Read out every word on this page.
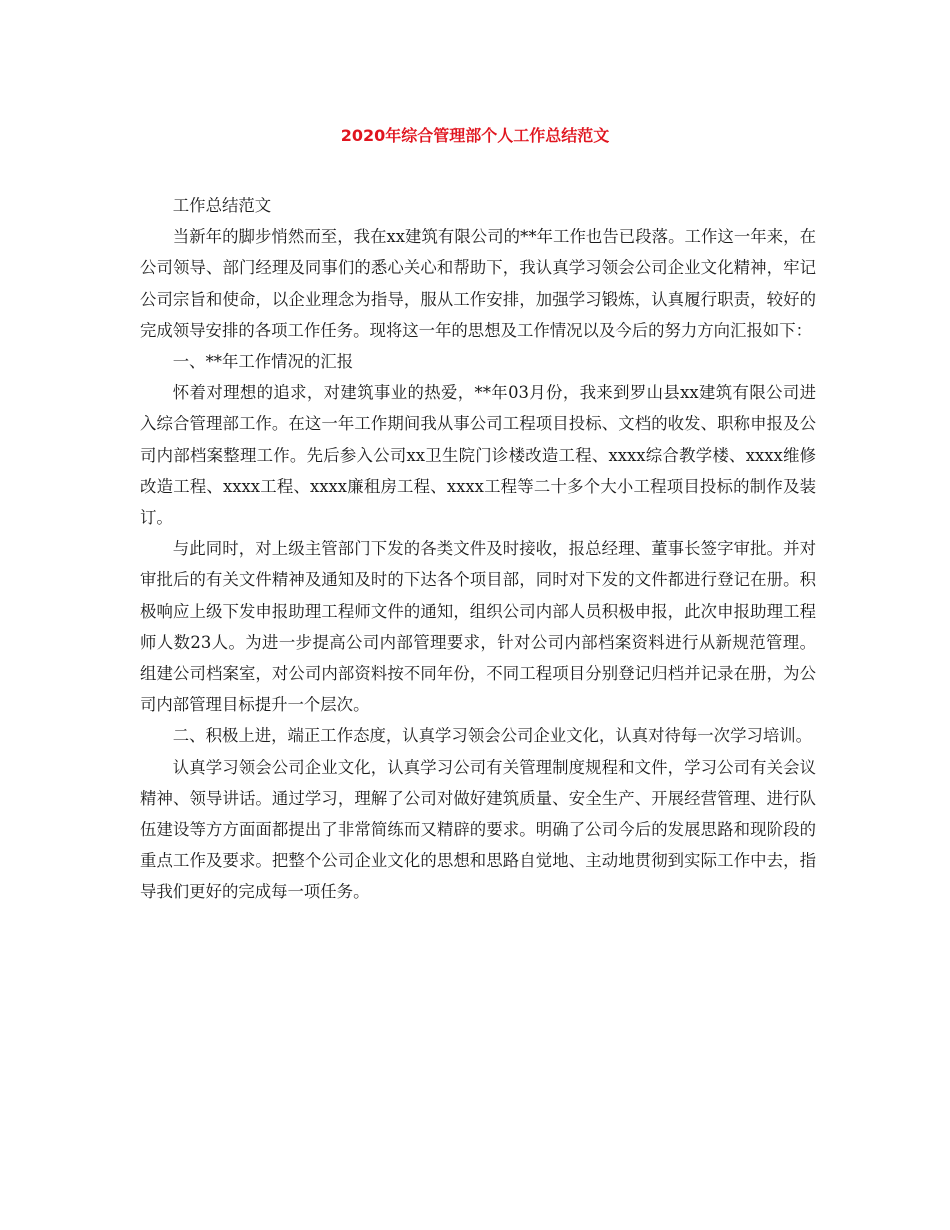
2020年综合管理部个人工作总结范文

工作总结范文

当新年的脚步悄然而至，我在xx建筑有限公司的**年工作也告已段落。工作这一年来，在公司领导、部门经理及同事们的悉心关心和帮助下，我认真学习领会公司企业文化精神，牢记公司宗旨和使命，以企业理念为指导，服从工作安排，加强学习锻炼，认真履行职责，较好的完成领导安排的各项工作任务。现将这一年的思想及工作情况以及今后的努力方向汇报如下：

一、**年工作情况的汇报

怀着对理想的追求，对建筑事业的热爱，**年03月份，我来到罗山县xx建筑有限公司进入综合管理部工作。在这一年工作期间我从事公司工程项目投标、文档的收发、职称申报及公司内部档案整理工作。先后参入公司xx卫生院门诊楼改造工程、xxxx综合教学楼、xxxx维修改造工程、xxxx工程、xxxx廉租房工程、xxxx工程等二十多个大小工程项目投标的制作及装订。

与此同时，对上级主管部门下发的各类文件及时接收，报总经理、董事长签字审批。并对审批后的有关文件精神及通知及时的下达各个项目部，同时对下发的文件都进行登记在册。积极响应上级下发申报助理工程师文件的通知，组织公司内部人员积极申报，此次申报助理工程师人数23人。为进一步提高公司内部管理要求，针对公司内部档案资料进行从新规范管理。组建公司档案室，对公司内部资料按不同年份，不同工程项目分别登记归档并记录在册，为公司内部管理目标提升一个层次。

二、积极上进，端正工作态度，认真学习领会公司企业文化，认真对待每一次学习培训。

认真学习领会公司企业文化，认真学习公司有关管理制度规程和文件，学习公司有关会议精神、领导讲话。通过学习，理解了公司对做好建筑质量、安全生产、开展经营管理、进行队伍建设等方方面面都提出了非常简练而又精辟的要求。明确了公司今后的发展思路和现阶段的重点工作及要求。把整个公司企业文化的思想和思路自觉地、主动地贯彻到实际工作中去，指导我们更好的完成每一项任务。
